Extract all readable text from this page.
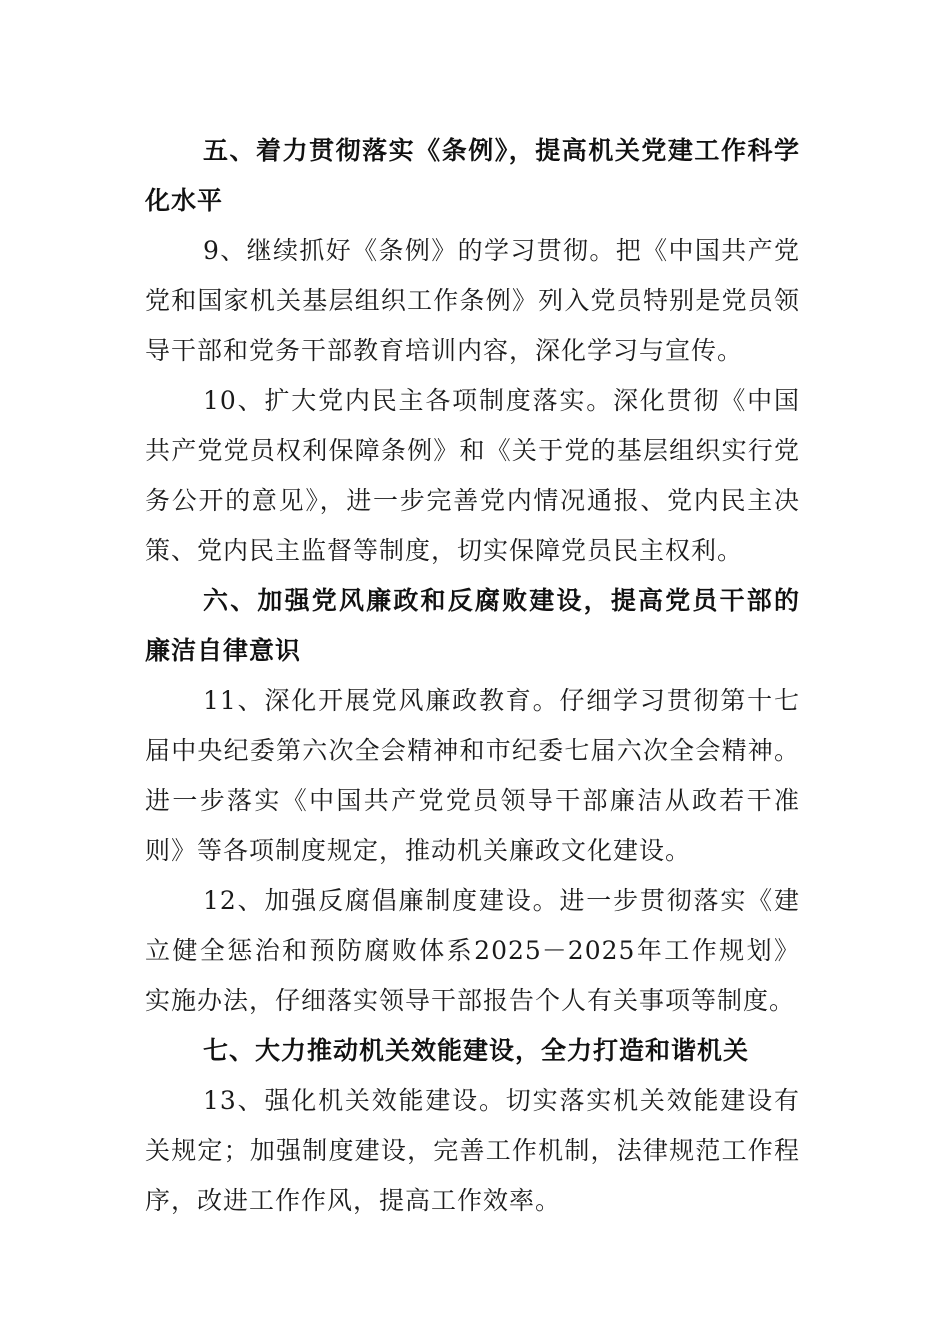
五、着力贯彻落实《条例》，提高机关党建工作科学化水平

9、继续抓好《条例》的学习贯彻。把《中国共产党党和国家机关基层组织工作条例》列入党员特别是党员领导干部和党务干部教育培训内容，深化学习与宣传。

10、扩大党内民主各项制度落实。深化贯彻《中国共产党党员权利保障条例》和《关于党的基层组织实行党务公开的意见》，进一步完善党内情况通报、党内民主决策、党内民主监督等制度，切实保障党员民主权利。

六、加强党风廉政和反腐败建设，提高党员干部的廉洁自律意识

11、深化开展党风廉政教育。仔细学习贯彻第十七届中央纪委第六次全会精神和市纪委七届六次全会精神。进一步落实《中国共产党党员领导干部廉洁从政若干准则》等各项制度规定，推动机关廉政文化建设。

12、加强反腐倡廉制度建设。进一步贯彻落实《建立健全惩治和预防腐败体系2025－2025年工作规划》实施办法，仔细落实领导干部报告个人有关事项等制度。

七、大力推动机关效能建设，全力打造和谐机关

13、强化机关效能建设。切实落实机关效能建设有关规定；加强制度建设，完善工作机制，法律规范工作程序，改进工作作风，提高工作效率。
